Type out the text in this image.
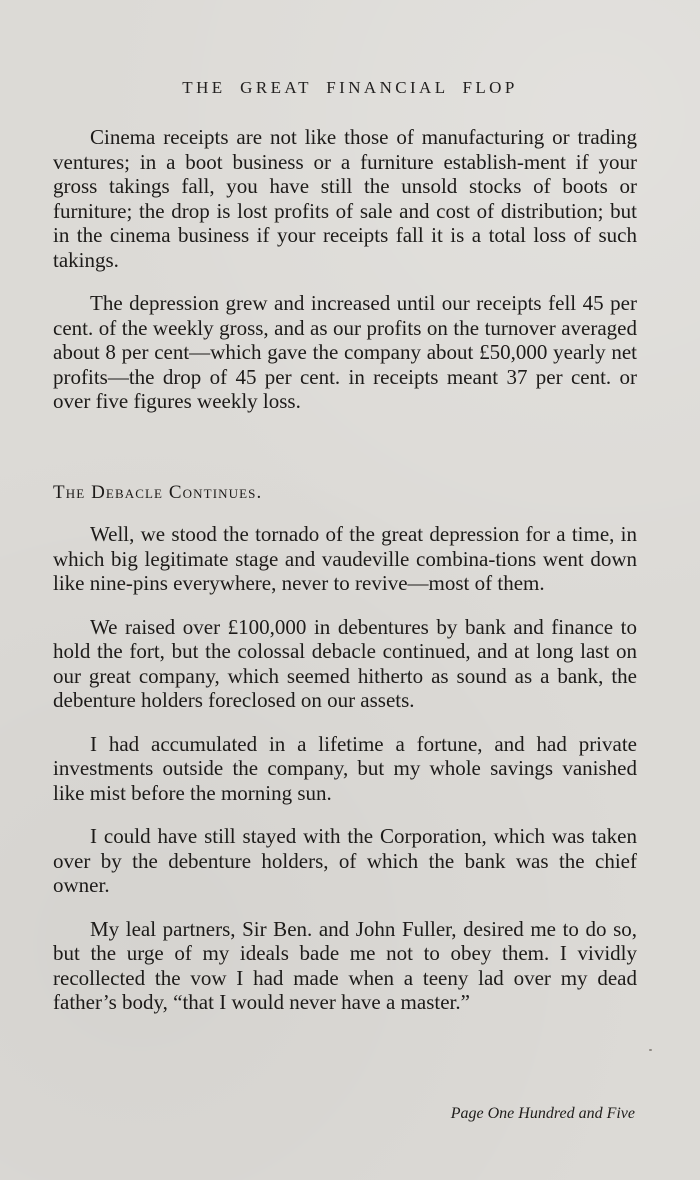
THE GREAT FINANCIAL FLOP

Cinema receipts are not like those of manufacturing or trading ventures; in a boot business or a furniture establish-ment if your gross takings fall, you have still the unsold stocks of boots or furniture; the drop is lost profits of sale and cost of distribution; but in the cinema business if your receipts fall it is a total loss of such takings.

The depression grew and increased until our receipts fell 45 per cent. of the weekly gross, and as our profits on the turnover averaged about 8 per cent—which gave the company about £50,000 yearly net profits—the drop of 45 per cent. in receipts meant 37 per cent. or over five figures weekly loss.

The Debacle Continues.

Well, we stood the tornado of the great depression for a time, in which big legitimate stage and vaudeville combina-tions went down like nine-pins everywhere, never to revive—most of them.

We raised over £100,000 in debentures by bank and finance to hold the fort, but the colossal debacle continued, and at long last on our great company, which seemed hitherto as sound as a bank, the debenture holders foreclosed on our assets.

I had accumulated in a lifetime a fortune, and had private investments outside the company, but my whole savings vanished like mist before the morning sun.

I could have still stayed with the Corporation, which was taken over by the debenture holders, of which the bank was the chief owner.

My leal partners, Sir Ben. and John Fuller, desired me to do so, but the urge of my ideals bade me not to obey them. I vividly recollected the vow I had made when a teeny lad over my dead father’s body, “that I would never have a master.”

Page One Hundred and Five
